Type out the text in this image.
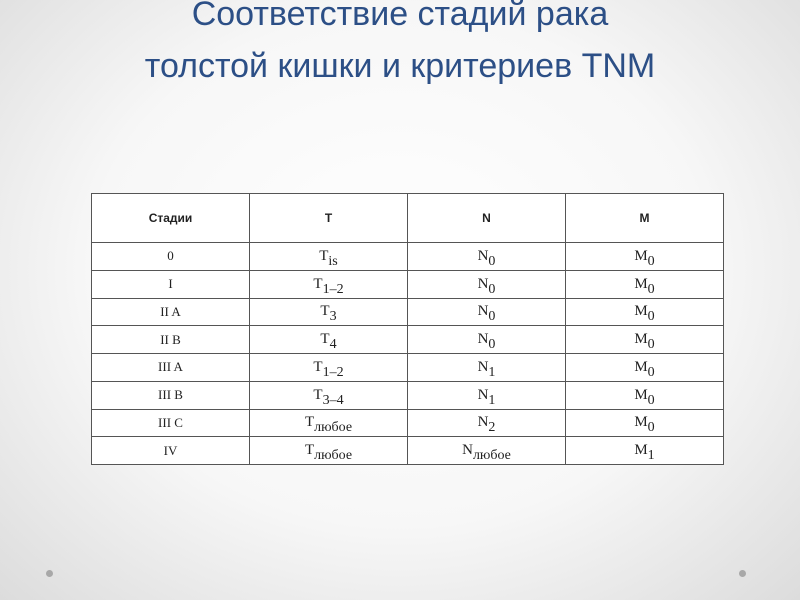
Соответствие стадий рака
толстой кишки и критериев TNM
Стадии	T	N	M
0	Tis	N0	M0
I	T1–2	N0	M0
II A	T3	N0	M0
II B	T4	N0	M0
III A	T1–2	N1	M0
III B	T3–4	N1	M0
III C	Tлюбое	N2	M0
IV	Tлюбое	Nлюбое	M1
